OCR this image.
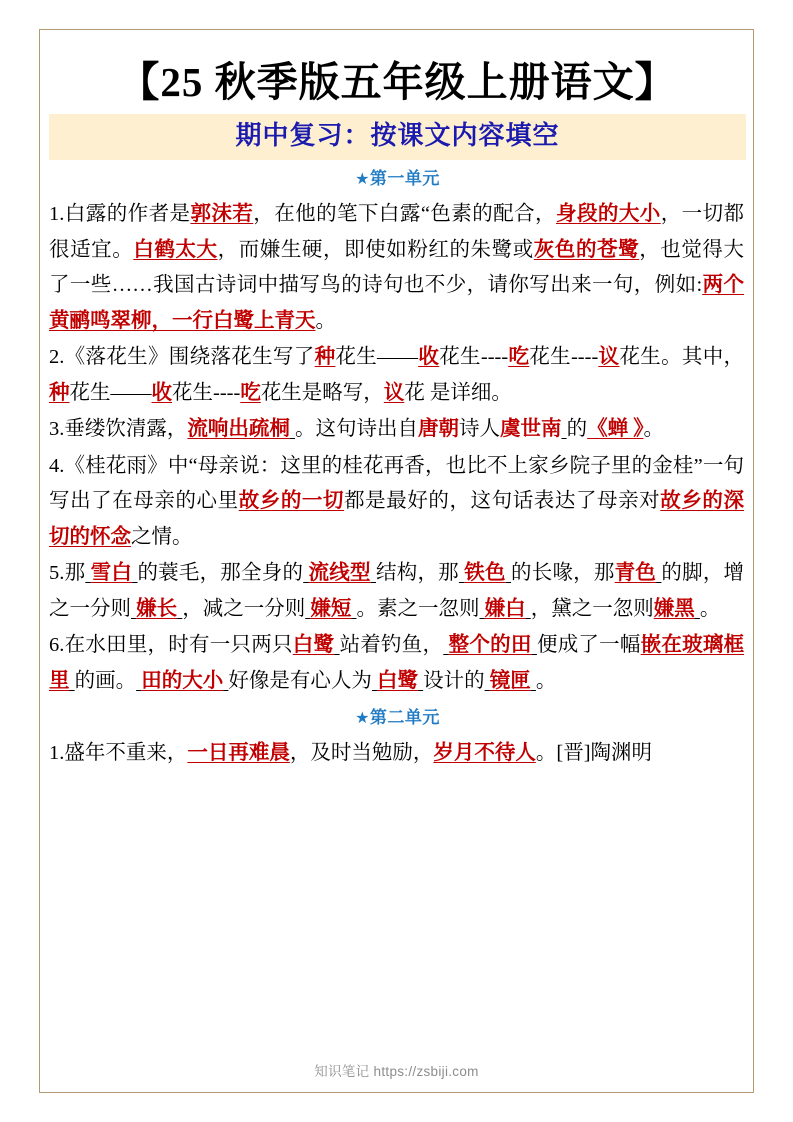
【25 秋季版五年级上册语文】
期中复习：按课文内容填空
★第一单元

1.白露的作者是郭沫若，在他的笔下白露“色素的配合，身段的大小，一切都很适宜。白鹤太大，而嫌生硬，即使如粉红的朱鹭或灰色的苍鹭，也觉得大了一些……我国古诗词中描写鸟的诗句也不少，请你写出来一句，例如:两个黄鹂鸣翠柳，一行白鹭上青天。

2.《落花生》围绕落花生写了种花生——收花生----吃花生----议花生。其中， 种花生——收花生----吃花生是略写，议花 是详细。

3.垂缕饮清露，流响出疏桐 。这句诗出自唐朝诗人虞世南 的《蝉 》。

4.《桂花雨》中“母亲说：这里的桂花再香，也比不上家乡院子里的金桂”一句写出了在母亲的心里故乡的一切都是最好的，这句话表达了母亲对故乡的深切的怀念之情。

5.那 雪白 的蓑毛，那全身的 流线型 结构，那 铁色 的长喙，那青色 的脚，增之一分则 嫌长 ，减之一分则 嫌短 。素之一忽则 嫌白 ，黛之一忽则嫌黑 。

6.在水田里，时有一只两只白鹭 站着钓鱼， 整个的田 便成了一幅嵌在玻璃框里 的画。 田的大小 好像是有心人为 白鹭 设计的 镜匣 。

★第二单元

1.盛年不重来，一日再难晨，及时当勉励，岁月不待人。[晋]陶渊明

知识笔记 https://zsbiji.com
